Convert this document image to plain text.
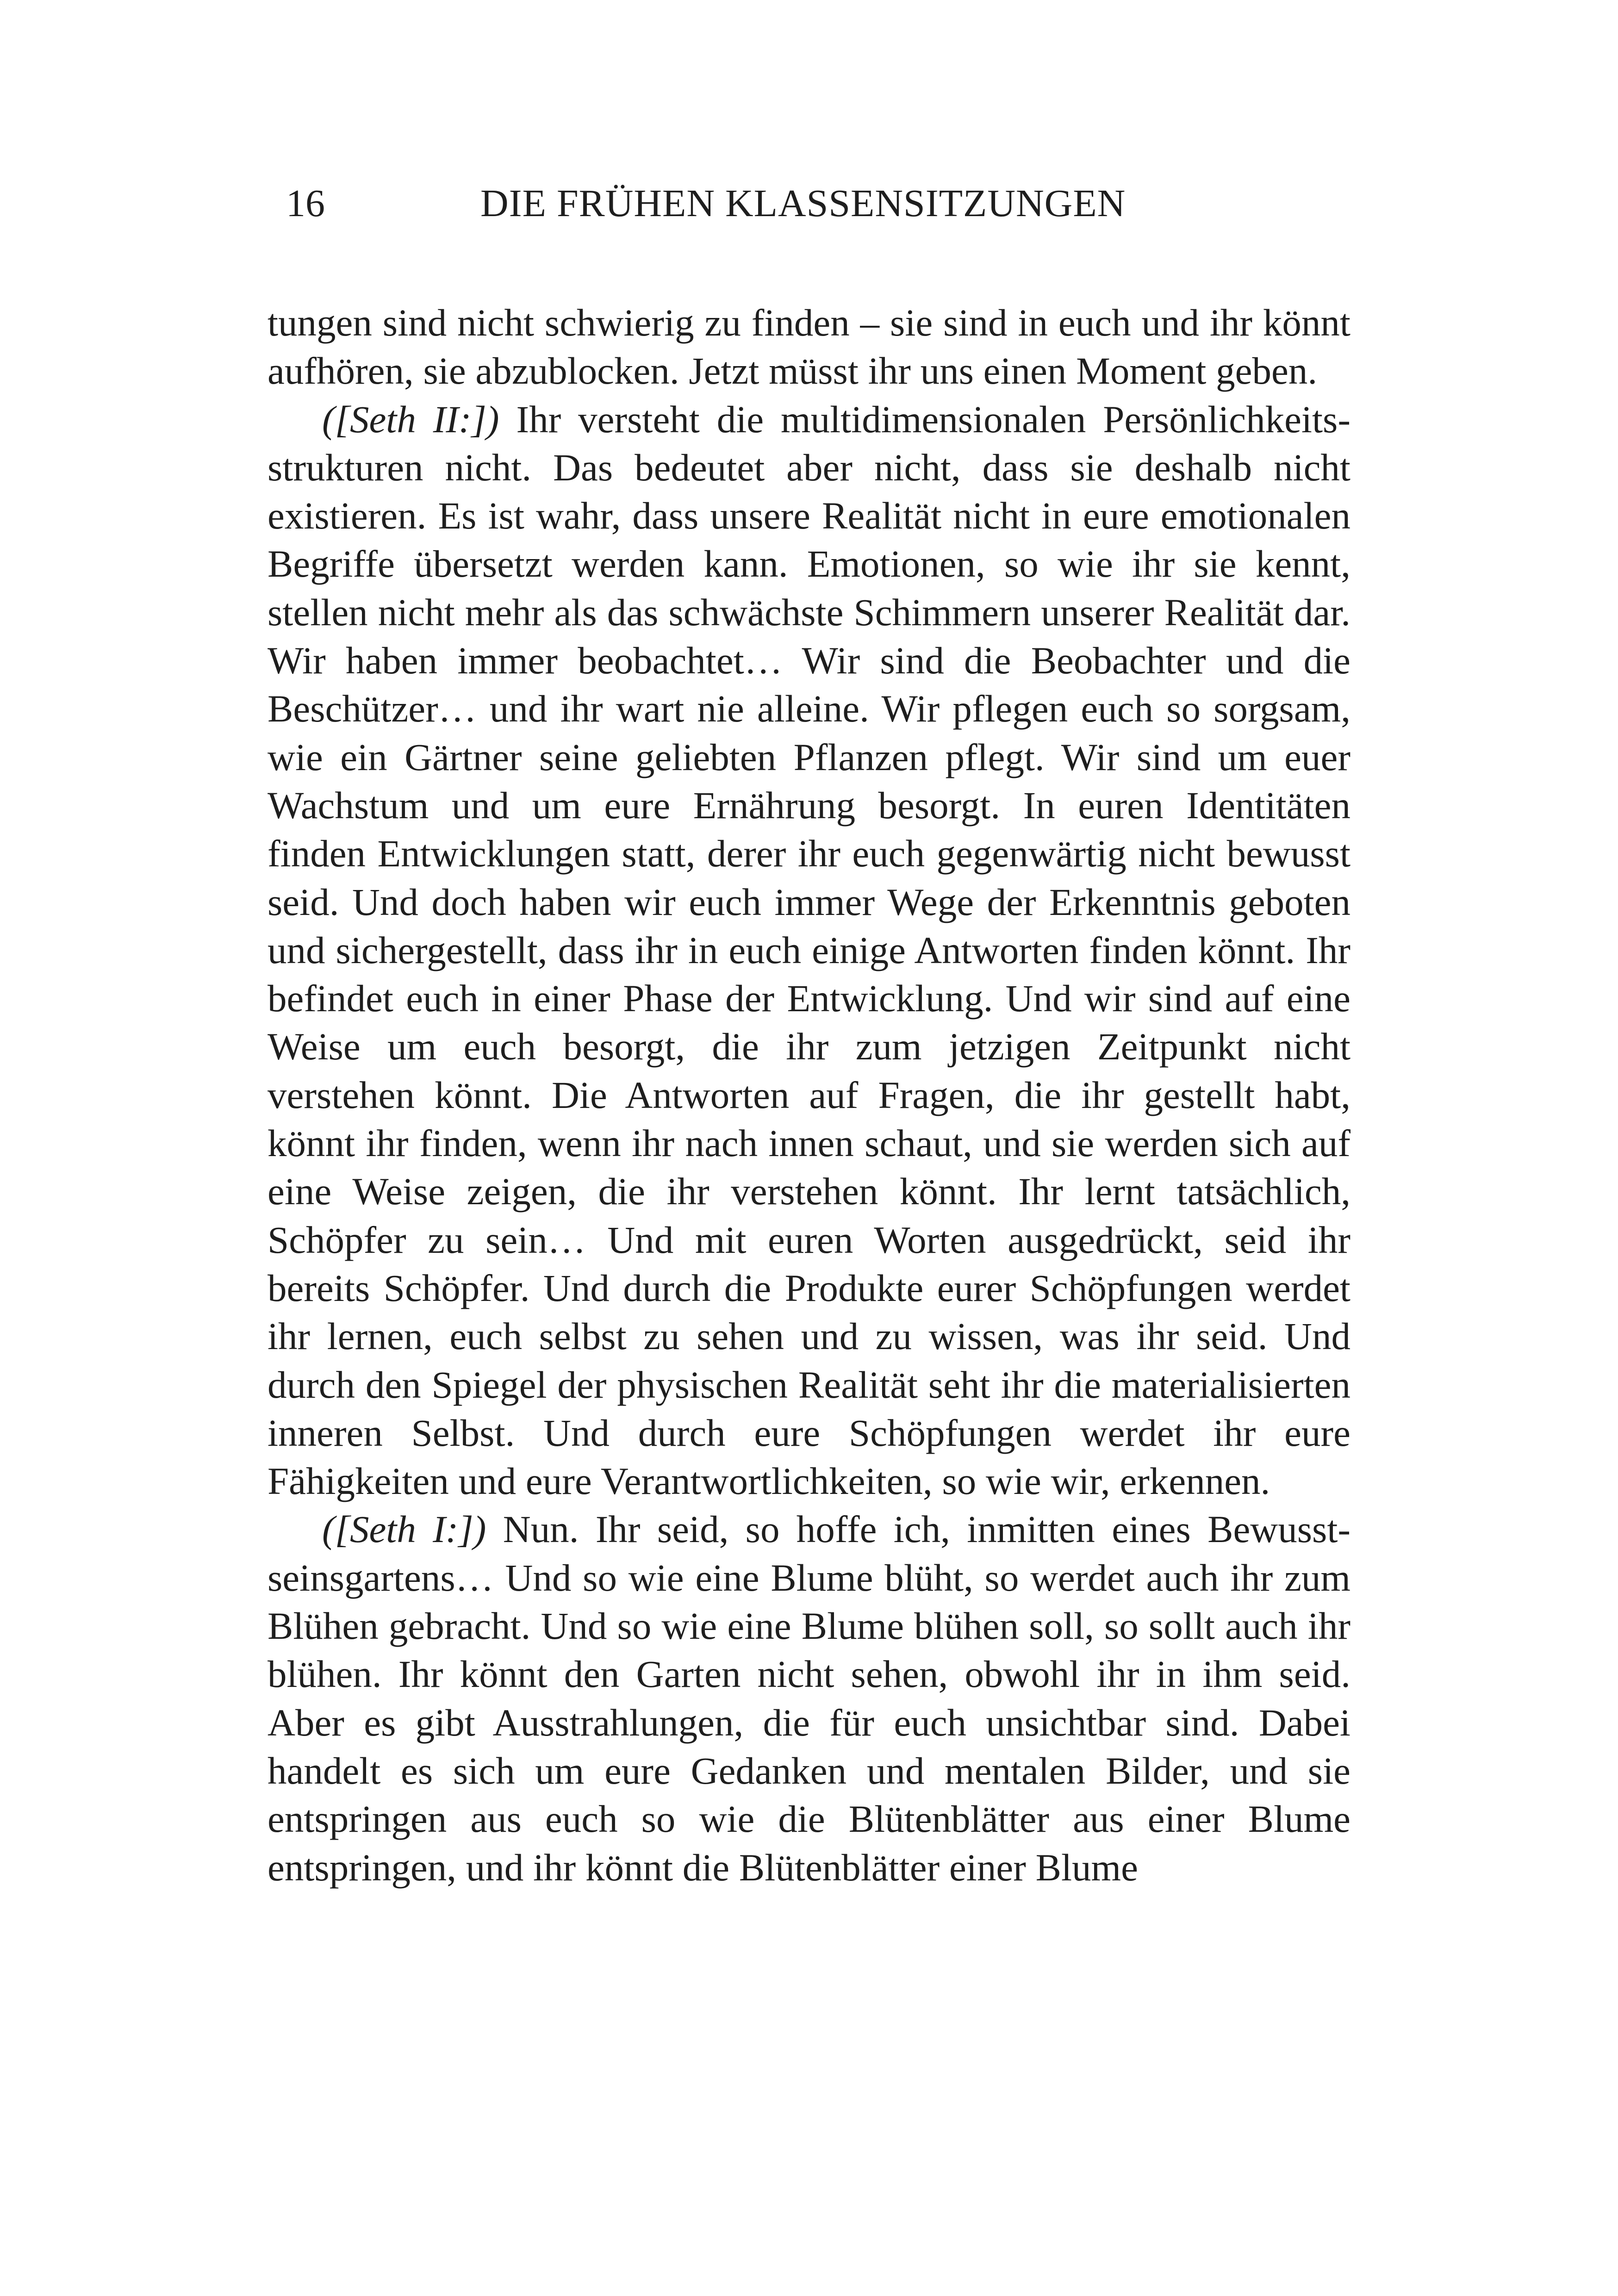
16	DIE FRÜHEN KLASSENSITZUNGEN

tungen sind nicht schwierig zu finden – sie sind in euch und ihr könnt aufhören, sie abzublocken. Jetzt müsst ihr uns einen Moment geben.

([Seth II:]) Ihr versteht die multidimensionalen Persönlichkeitsstrukturen nicht. Das bedeutet aber nicht, dass sie deshalb nicht existieren. Es ist wahr, dass unsere Realität nicht in eure emotionalen Begriffe übersetzt werden kann. Emotionen, so wie ihr sie kennt, stellen nicht mehr als das schwächste Schimmern unserer Realität dar. Wir haben immer beobachtet… Wir sind die Beobachter und die Beschützer… und ihr wart nie alleine. Wir pflegen euch so sorgsam, wie ein Gärtner seine geliebten Pflanzen pflegt. Wir sind um euer Wachstum und um eure Ernährung besorgt. In euren Identitäten finden Entwicklungen statt, derer ihr euch gegenwärtig nicht bewusst seid. Und doch haben wir euch immer Wege der Erkenntnis geboten und sichergestellt, dass ihr in euch einige Antworten finden könnt. Ihr befindet euch in einer Phase der Entwicklung. Und wir sind auf eine Weise um euch besorgt, die ihr zum jetzigen Zeitpunkt nicht verstehen könnt. Die Antworten auf Fragen, die ihr gestellt habt, könnt ihr finden, wenn ihr nach innen schaut, und sie werden sich auf eine Weise zeigen, die ihr verstehen könnt. Ihr lernt tatsächlich, Schöpfer zu sein… Und mit euren Worten ausgedrückt, seid ihr bereits Schöpfer. Und durch die Produkte eurer Schöpfungen werdet ihr lernen, euch selbst zu sehen und zu wissen, was ihr seid. Und durch den Spiegel der physischen Realität seht ihr die materialisierten inneren Selbst. Und durch eure Schöpfungen werdet ihr eure Fähigkeiten und eure Verantwortlichkeiten, so wie wir, erkennen.

([Seth I:]) Nun. Ihr seid, so hoffe ich, inmitten eines Bewusstseinsgartens… Und so wie eine Blume blüht, so werdet auch ihr zum Blühen gebracht. Und so wie eine Blume blühen soll, so sollt auch ihr blühen. Ihr könnt den Garten nicht sehen, obwohl ihr in ihm seid. Aber es gibt Ausstrahlungen, die für euch unsichtbar sind. Dabei handelt es sich um eure Gedanken und mentalen Bilder, und sie entspringen aus euch so wie die Blütenblätter aus einer Blume entspringen, und ihr könnt die Blütenblätter einer Blume
